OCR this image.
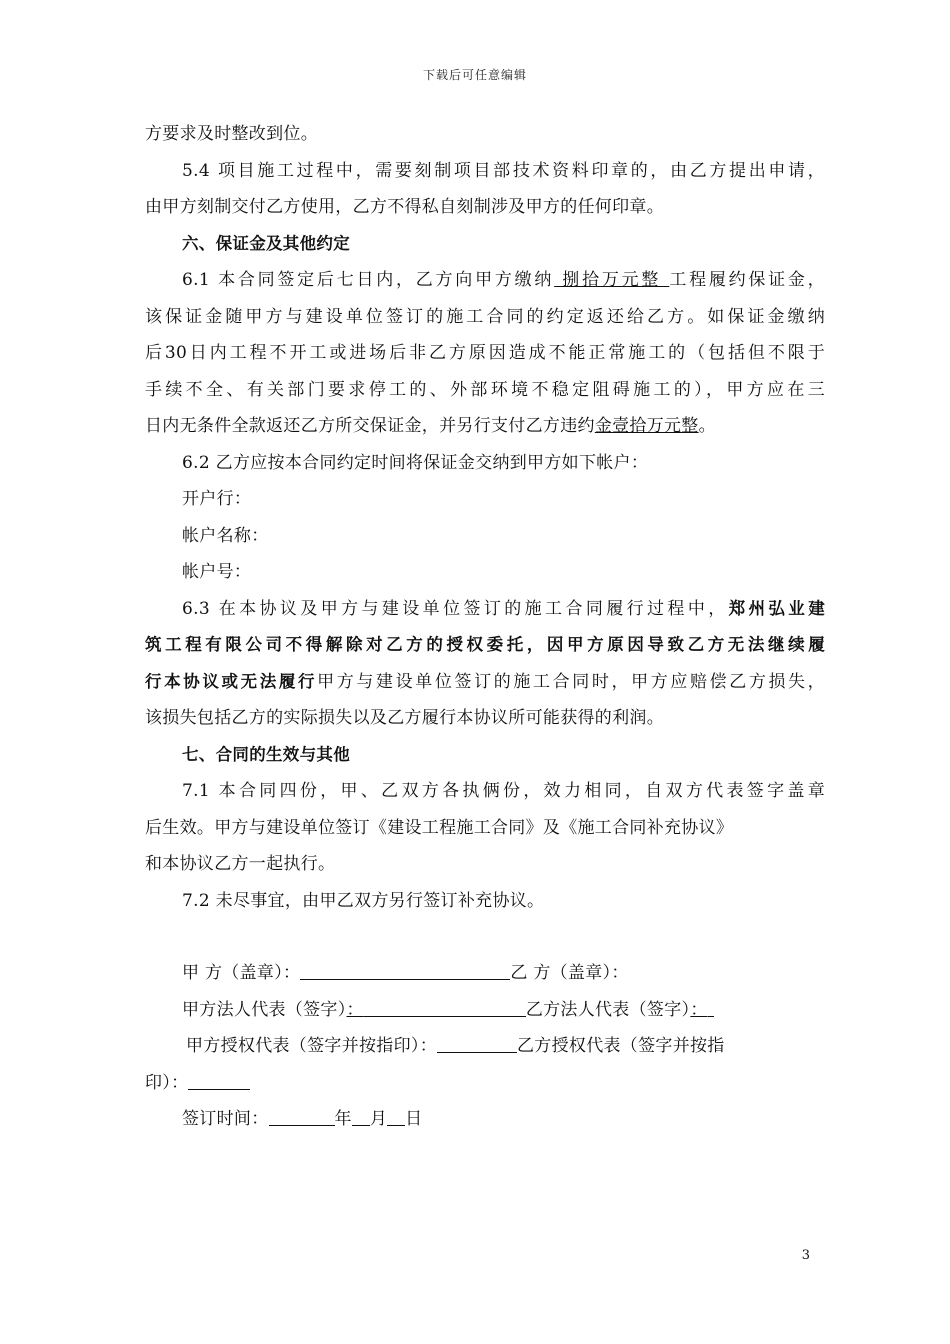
下载后可任意编辑
方要求及时整改到位。
5.4 项目施工过程中，需要刻制项目部技术资料印章的，由乙方提出申请，
由甲方刻制交付乙方使用，乙方不得私自刻制涉及甲方的任何印章。
六、保证金及其他约定
6.1 本合同签定后七日内，乙方向甲方缴纳 捌拾万元整 工程履约保证金，
该保证金随甲方与建设单位签订的施工合同的约定返还给乙方。如保证金缴纳
后30日内工程不开工或进场后非乙方原因造成不能正常施工的（包括但不限于
手续不全、有关部门要求停工的、外部环境不稳定阻碍施工的），甲方应在三
日内无条件全款返还乙方所交保证金，并另行支付乙方违约金壹拾万元整。
6.2 乙方应按本合同约定时间将保证金交纳到甲方如下帐户：
开户行：
帐户名称：
帐户号：
6.3 在本协议及甲方与建设单位签订的施工合同履行过程中，郑州弘业建
筑工程有限公司不得解除对乙方的授权委托，因甲方原因导致乙方无法继续履
行本协议或无法履行甲方与建设单位签订的施工合同时，甲方应赔偿乙方损失，
该损失包括乙方的实际损失以及乙方履行本协议所可能获得的利润。
七、合同的生效与其他
7.1 本合同四份，甲、乙双方各执俩份，效力相同，自双方代表签字盖章
后生效。甲方与建设单位签订《建设工程施工合同》及《施工合同补充协议》
和本协议乙方一起执行。
7.2 未尽事宜，由甲乙双方另行签订补充协议。
甲 方（盖章）：	乙 方（盖章）：
甲方法人代表（签字）：	乙方法人代表（签字）：
甲方授权代表（签字并按指印）：	乙方授权代表（签字并按指
印）：
签订时间：	年 月 日
3
